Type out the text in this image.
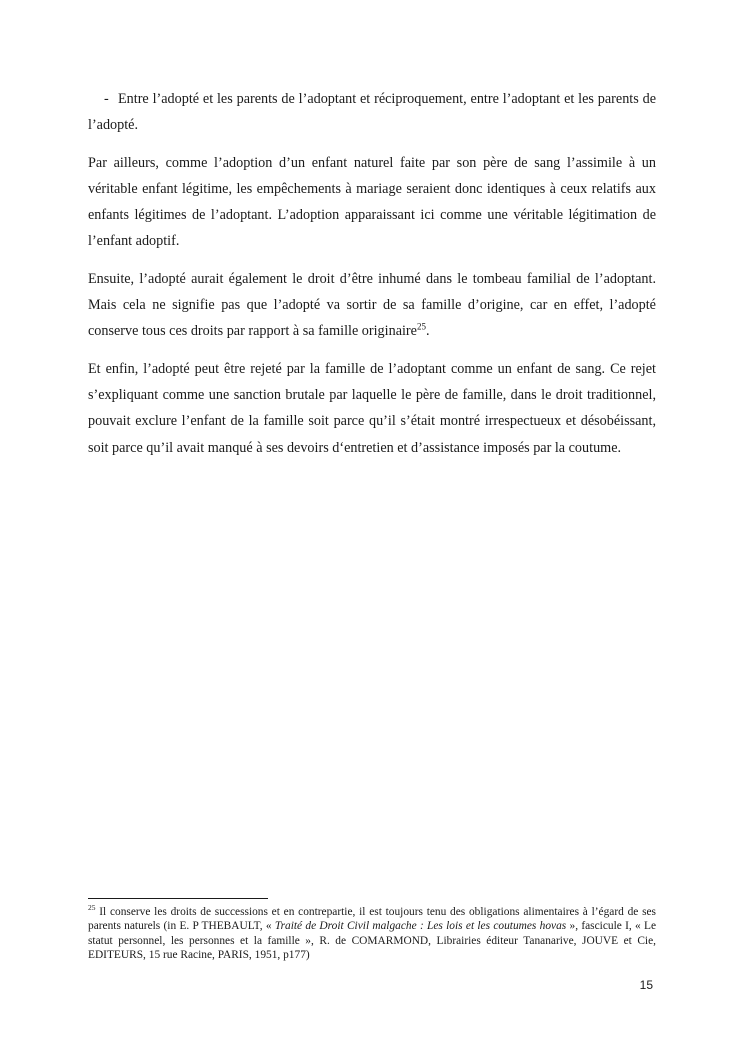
- Entre l’adopté et les parents de l’adoptant et réciproquement, entre l’adoptant et les parents de l’adopté.

Par ailleurs, comme l’adoption d’un enfant naturel faite par son père de sang l’assimile à un véritable enfant légitime, les empêchements à mariage seraient donc identiques à ceux relatifs aux enfants légitimes de l’adoptant. L’adoption apparaissant ici comme une véritable légitimation de l’enfant adoptif.

Ensuite, l’adopté aurait également le droit d’être inhumé dans le tombeau familial de l’adoptant. Mais cela ne signifie pas que l’adopté va sortir de sa famille d’origine, car en effet, l’adopté conserve tous ces droits par rapport à sa famille originaire$^{25}$.

Et enfin, l’adopté peut être rejeté par la famille de l’adoptant comme un enfant de sang. Ce rejet s’expliquant comme une sanction brutale par laquelle le père de famille, dans le droit traditionnel, pouvait exclure l’enfant de la famille soit parce qu’il s’était montré irrespectueux et désobéissant, soit parce qu’il avait manqué à ses devoirs d‘entretien et d’assistance imposés par la coutume.

$^{25}$ Il conserve les droits de successions et en contrepartie, il est toujours tenu des obligations alimentaires à l’égard de ses parents naturels (in E. P THEBAULT, « Traité de Droit Civil malgache : Les lois et les coutumes hovas », fascicule I, « Le statut personnel, les personnes et la famille », R. de COMARMOND, Librairies éditeur Tananarive, JOUVE et Cie, EDITEURS, 15 rue Racine, PARIS, 1951, p177)
15
